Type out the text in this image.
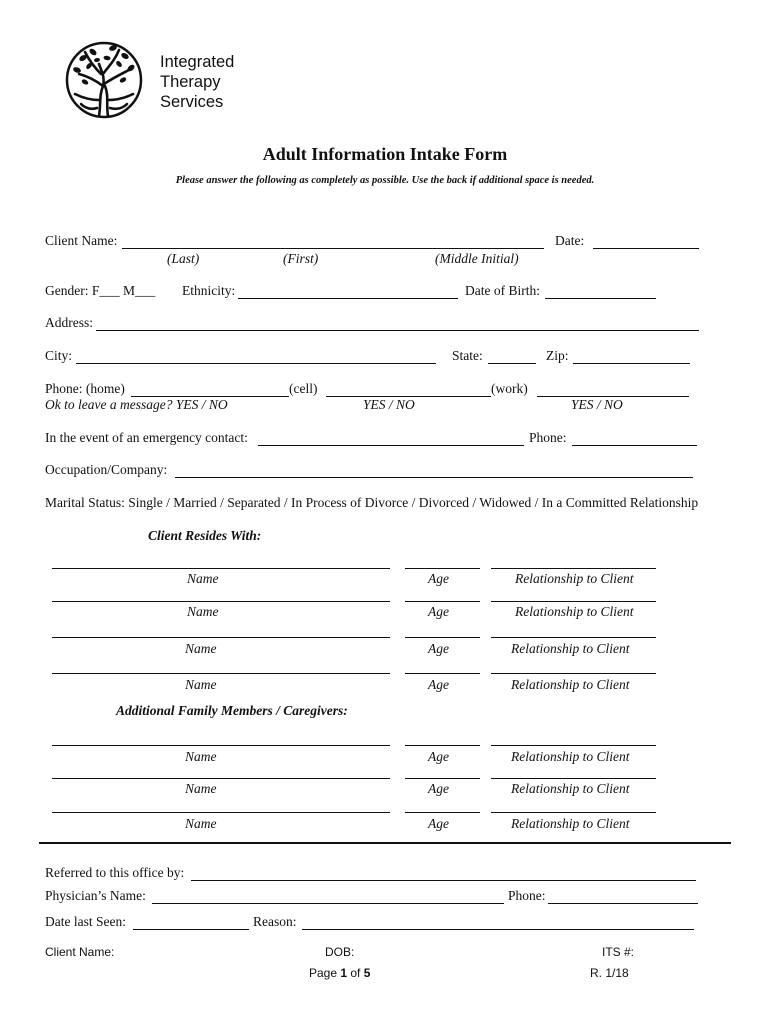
Integrated
Therapy
Services
Adult Information Intake Form
Please answer the following as completely as possible. Use the back if additional space is needed.
Client Name:	Date:
(Last)	(First)	(Middle Initial)
Gender: F___ M___ Ethnicity:	Date of Birth:
Address:
City:	State:	Zip:
Phone: (home)	(cell)	(work)
Ok to leave a message? YES / NO	YES / NO	YES / NO
In the event of an emergency contact:	Phone:
Occupation/Company:
Marital Status: Single / Married / Separated / In Process of Divorce / Divorced / Widowed / In a Committed Relationship
Client Resides With:
Name	Age	Relationship to Client
Name	Age	Relationship to Client
Name	Age	Relationship to Client
Name	Age	Relationship to Client
Additional Family Members / Caregivers:
Name	Age	Relationship to Client
Name	Age	Relationship to Client
Name	Age	Relationship to Client
Referred to this office by:
Physician’s Name:	Phone:
Date last Seen:	Reason:
Client Name:	DOB:	ITS #:
Page 1 of 5	R. 1/18
